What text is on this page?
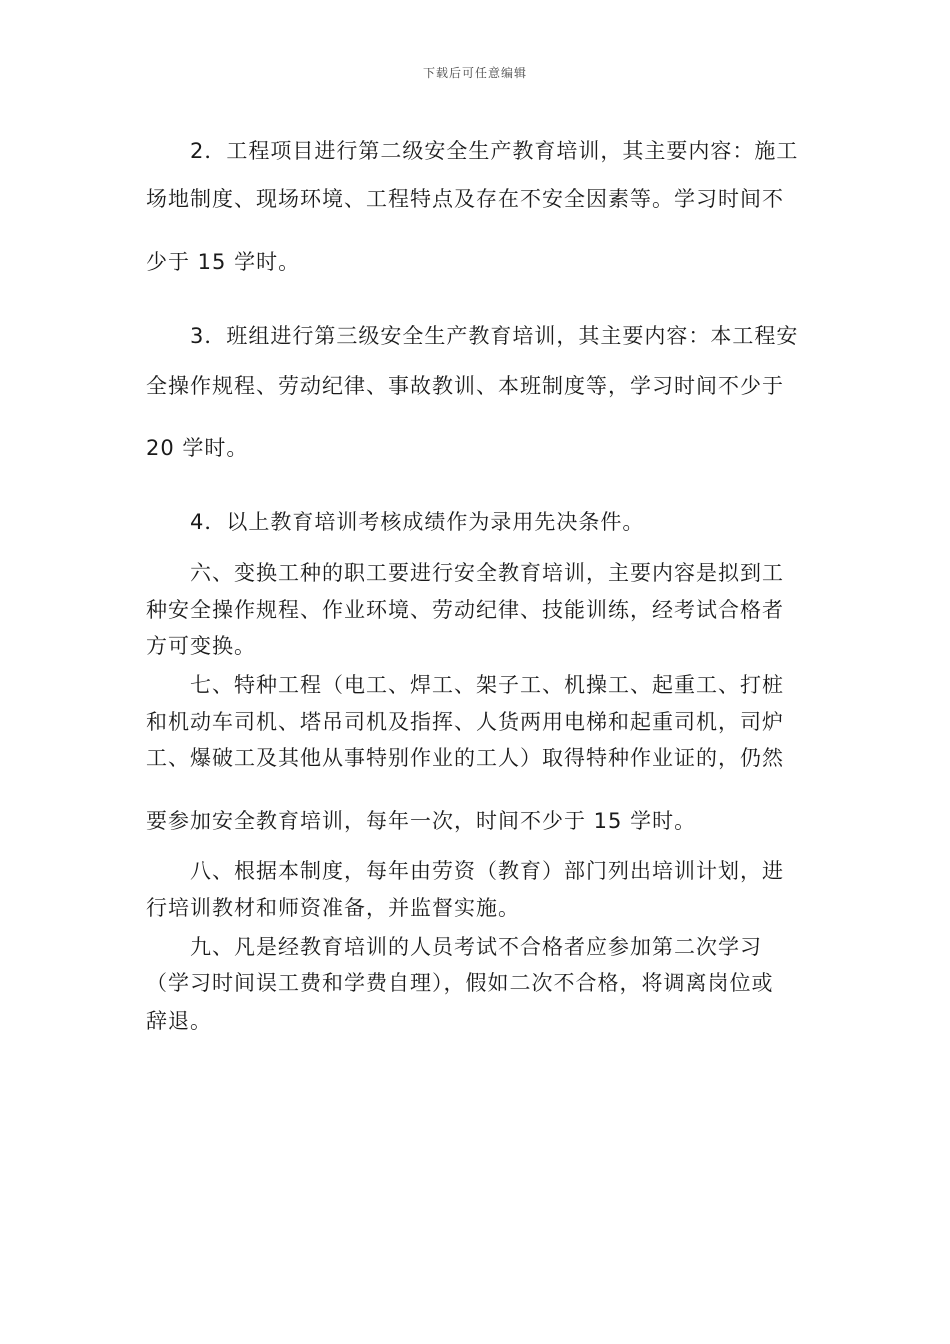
下载后可任意编辑
2．工程项目进行第二级安全生产教育培训，其主要内容：施工
场地制度、现场环境、工程特点及存在不安全因素等。学习时间不
少于 15 学时。
3．班组进行第三级安全生产教育培训，其主要内容：本工程安
全操作规程、劳动纪律、事故教训、本班制度等，学习时间不少于
20 学时。
4．以上教育培训考核成绩作为录用先决条件。
六、变换工种的职工要进行安全教育培训，主要内容是拟到工
种安全操作规程、作业环境、劳动纪律、技能训练，经考试合格者
方可变换。
七、特种工程（电工、焊工、架子工、机操工、起重工、打桩
和机动车司机、塔吊司机及指挥、人货两用电梯和起重司机，司炉
工、爆破工及其他从事特别作业的工人）取得特种作业证的，仍然
要参加安全教育培训，每年一次，时间不少于 15 学时。
八、根据本制度，每年由劳资（教育）部门列出培训计划，进
行培训教材和师资准备，并监督实施。
九、凡是经教育培训的人员考试不合格者应参加第二次学习
（学习时间误工费和学费自理），假如二次不合格，将调离岗位或
辞退。
